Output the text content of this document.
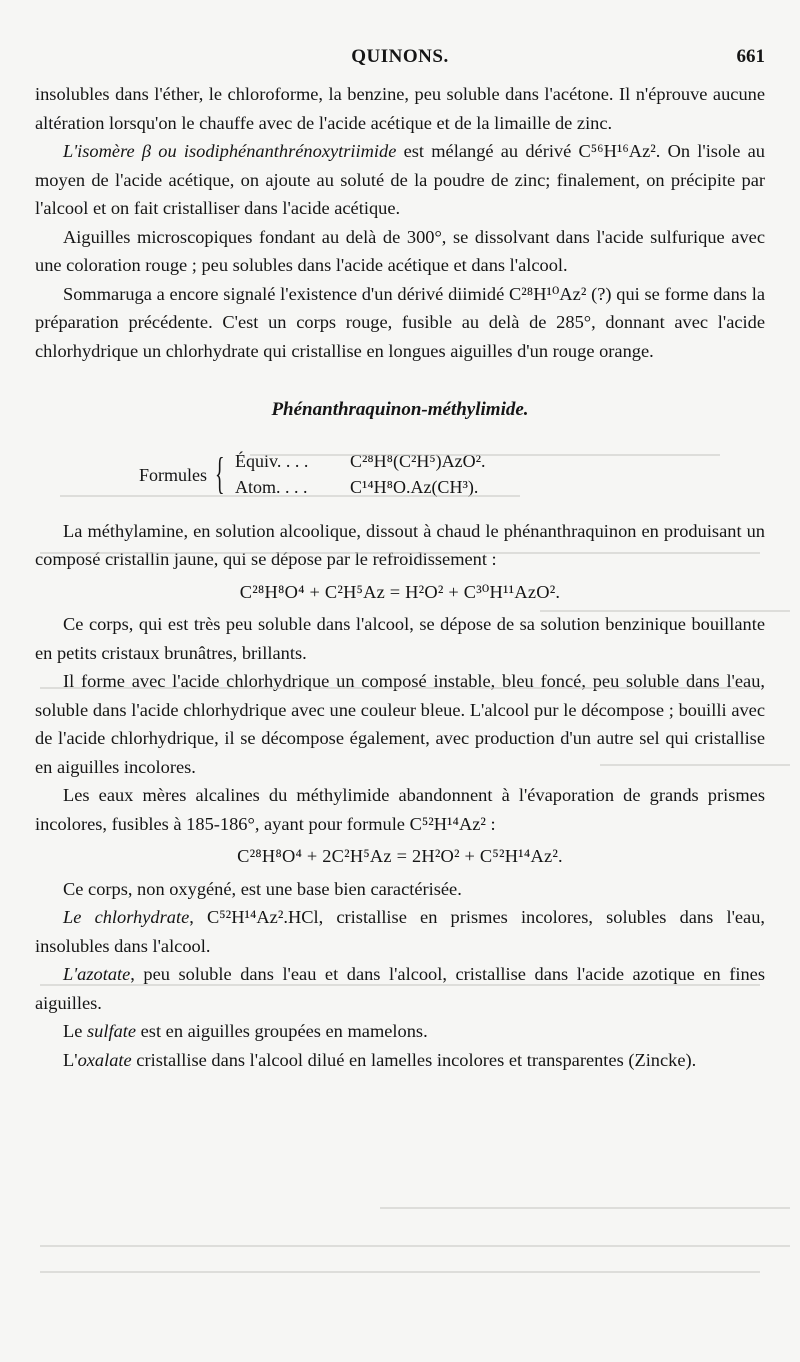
QUINONS.	661

insolubles dans l'éther, le chloroforme, la benzine, peu soluble dans l'acétone. Il n'éprouve aucune altération lorsqu'on le chauffe avec de l'acide acétique et de la limaille de zinc.

L'isomère β ou isodiphénanthrénoxytriimide est mélangé au dérivé C⁵⁶H¹⁶Az². On l'isole au moyen de l'acide acétique, on ajoute au soluté de la poudre de zinc; finalement, on précipite par l'alcool et on fait cristalliser dans l'acide acétique.

Aiguilles microscopiques fondant au delà de 300°, se dissolvant dans l'acide sulfurique avec une coloration rouge ; peu solubles dans l'acide acétique et dans l'alcool.

Sommaruga a encore signalé l'existence d'un dérivé diimidé C²⁸H¹⁰Az² (?) qui se forme dans la préparation précédente. C'est un corps rouge, fusible au delà de 285°, donnant avec l'acide chlorhydrique un chlorhydrate qui cristallise en longues aiguilles d'un rouge orange.

Phénanthraquinon-méthylimide.
Formules { Équiv. . . . C²⁸H⁸(C²H⁵)AzO².
Atom. . . . C¹⁴H⁸O.Az(CH³).

La méthylamine, en solution alcoolique, dissout à chaud le phénanthraquinon en produisant un composé cristallin jaune, qui se dépose par le refroidissement :

C²⁸H⁸O⁴ + C²H⁵Az = H²O² + C³⁰H¹¹AzO².

Ce corps, qui est très peu soluble dans l'alcool, se dépose de sa solution benzinique bouillante en petits cristaux brunâtres, brillants.

Il forme avec l'acide chlorhydrique un composé instable, bleu foncé, peu soluble dans l'eau, soluble dans l'acide chlorhydrique avec une couleur bleue. L'alcool pur le décompose ; bouilli avec de l'acide chlorhydrique, il se décompose également, avec production d'un autre sel qui cristallise en aiguilles incolores.

Les eaux mères alcalines du méthylimide abandonnent à l'évaporation de grands prismes incolores, fusibles à 185-186°, ayant pour formule C⁵²H¹⁴Az² :

C²⁸H⁸O⁴ + 2C²H⁵Az = 2H²O² + C⁵²H¹⁴Az².

Ce corps, non oxygéné, est une base bien caractérisée.

Le chlorhydrate, C⁵²H¹⁴Az².HCl, cristallise en prismes incolores, solubles dans l'eau, insolubles dans l'alcool.

L'azotate, peu soluble dans l'eau et dans l'alcool, cristallise dans l'acide azotique en fines aiguilles.

Le sulfate est en aiguilles groupées en mamelons.

L'oxalate cristallise dans l'alcool dilué en lamelles incolores et transparentes (Zincke).
